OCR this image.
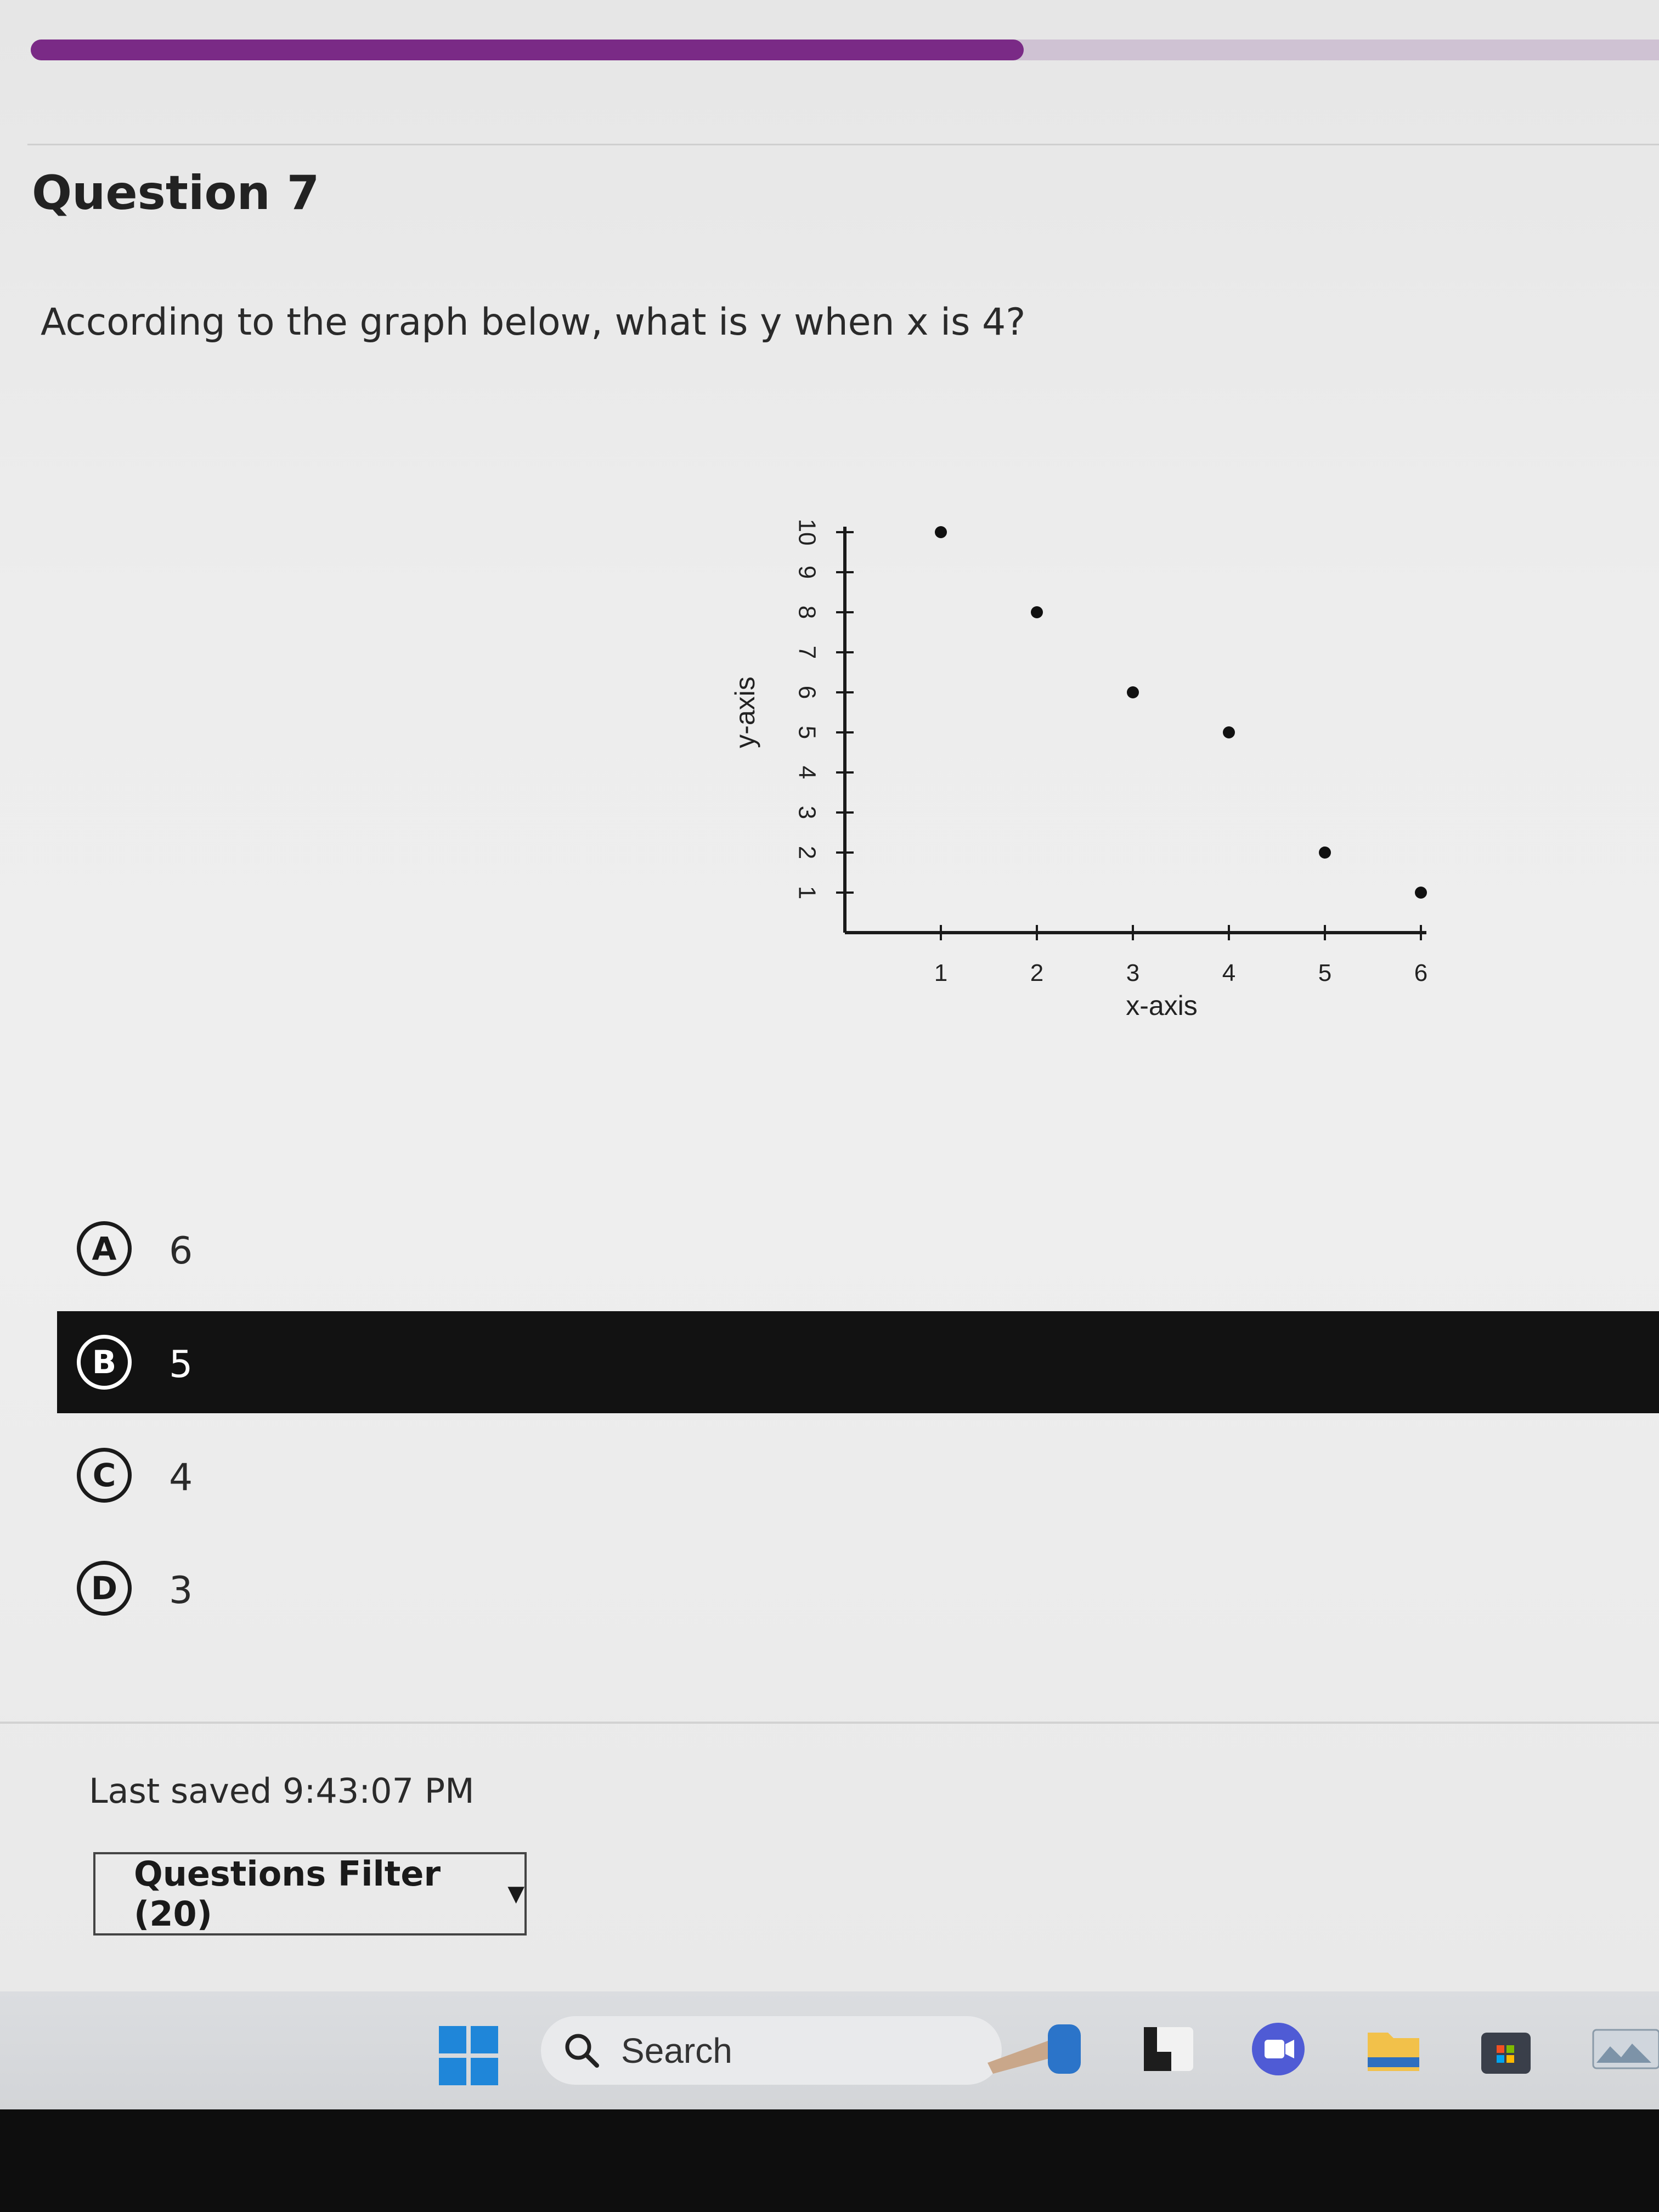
Question 7
According to the graph below, what is y when x is 4?
1	2	3	4	5	6
1
2
3
4
5
6
7
8
9
10
x-axis
y-axis
A	6
B	5
C	4
D	3
Last saved 9:43:07 PM
Questions Filter (20)	▼
Search
